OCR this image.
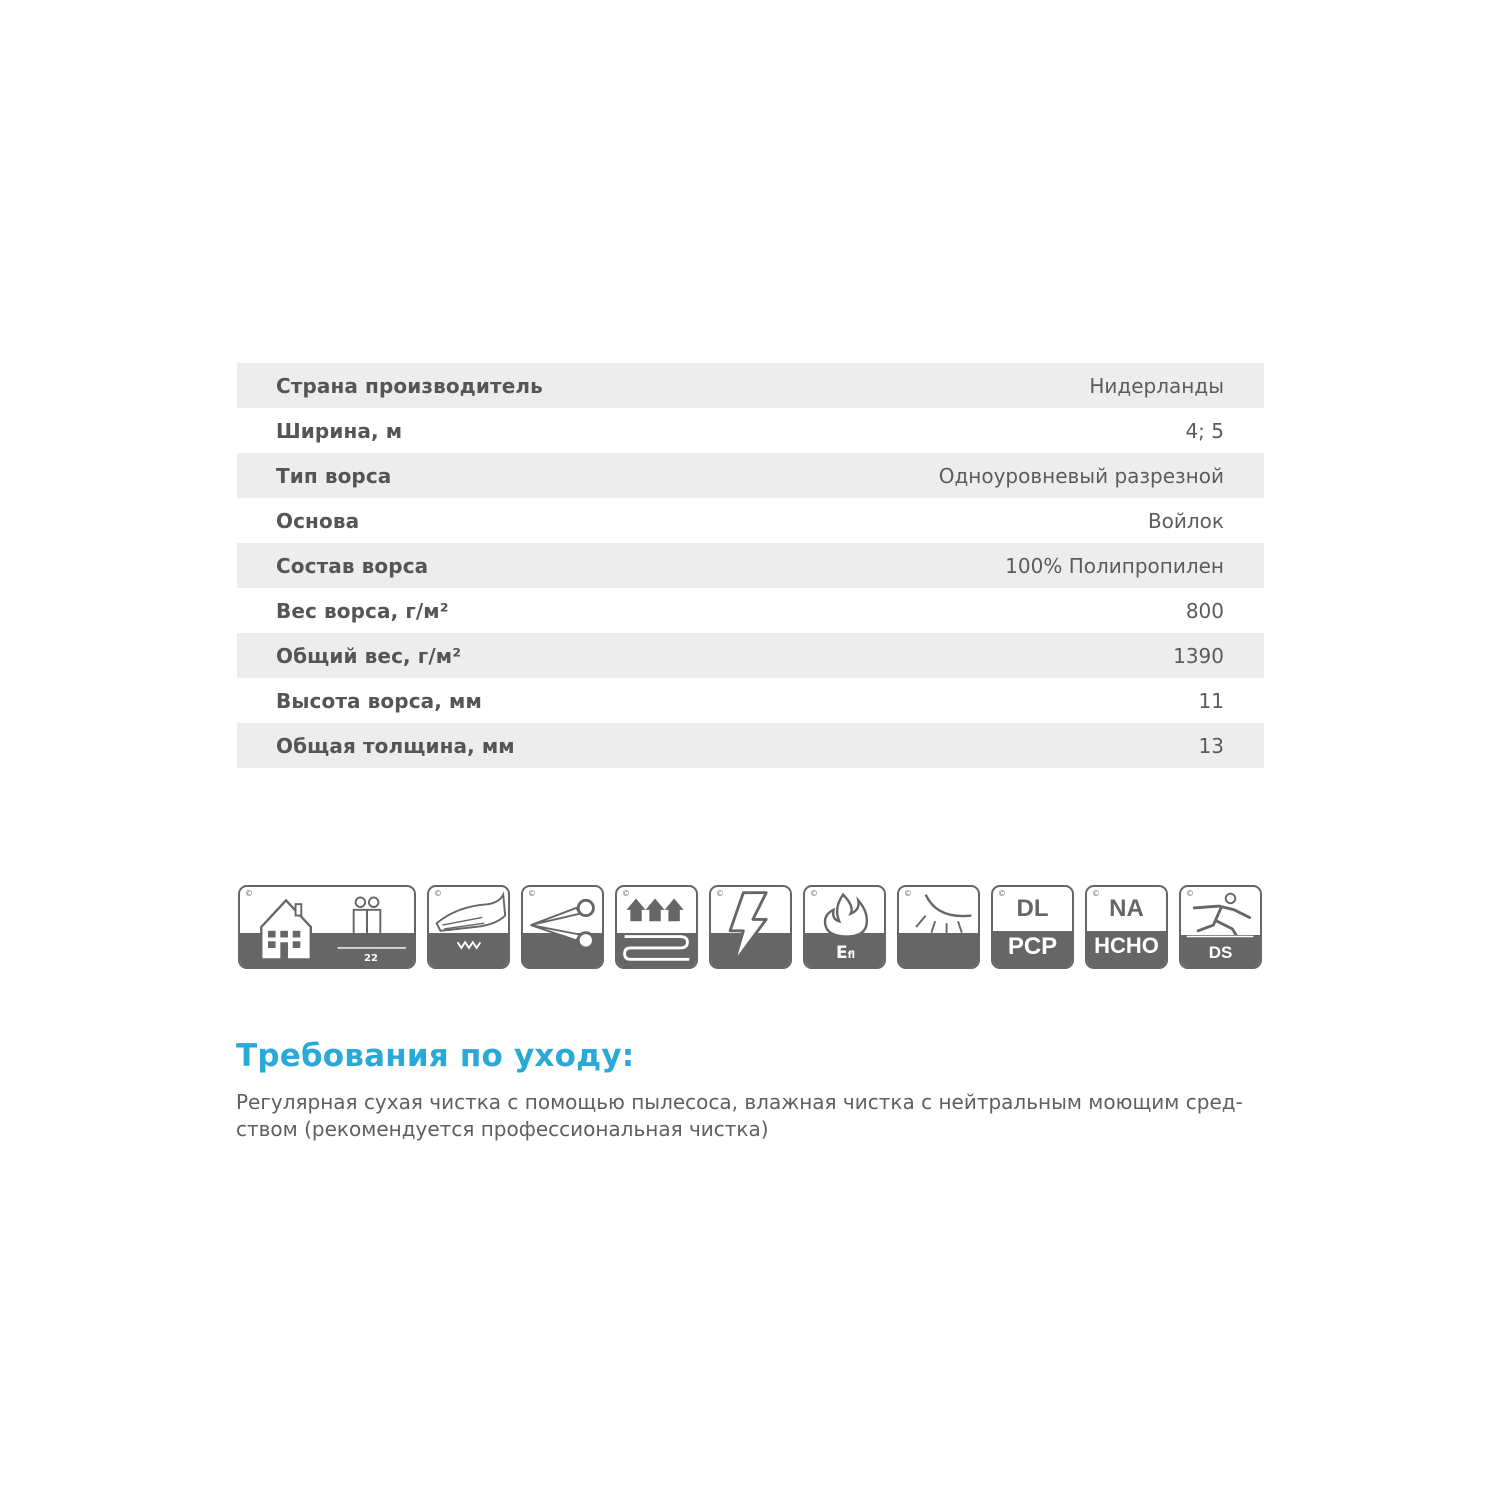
Страна производитель	Нидерланды
Ширина, м	4; 5
Тип ворса	Одноуровневый разрезной
Основа	Войлок
Состав ворса	100% Полипропилен
Вес ворса, г/м²	800
Общий вес, г/м²	1390
Высота ворса, мм	11
Общая толщина, мм	13
©
22
©	©	©	©	©
Efl
©	©
DL
PCP
©
NA
HCHO
©
DS
Требования по уходу:

Регулярная сухая чистка с помощью пылесоса, влажная чистка с нейтральным моющим сред-
ством (рекомендуется профессиональная чистка)
